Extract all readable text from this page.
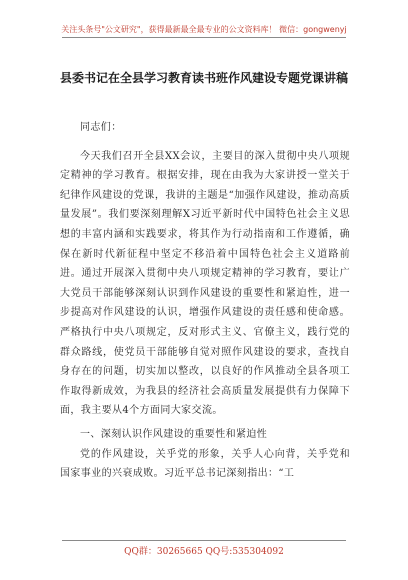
关注头条号"公文研究"，获得最新最全最专业的公文资料库！ 微信：gongwenyj
县委书记在全县学习教育读书班作风建设专题党课讲稿

同志们：

今天我们召开全县XX会议，主要目的深入贯彻中央八项规定精神的学习教育。根据安排，现在由我为大家讲授一堂关于纪律作风建设的党课，我讲的主题是“加强作风建设，推动高质量发展”。我们要深刻理解X习近平新时代中国特色社会主义思想的丰富内涵和实践要求，将其作为行动指南和工作遵循，确保在新时代新征程中坚定不移沿着中国特色社会主义道路前进。通过开展深入贯彻中央八项规定精神的学习教育，要让广大党员干部能够深刻认识到作风建设的重要性和紧迫性，进一步提高对作风建设的认识，增强作风建设的责任感和使命感。严格执行中央八项规定，反对形式主义、官僚主义，践行党的群众路线，使党员干部能够自觉对照作风建设的要求，查找自身存在的问题，切实加以整改，以良好的作风推动全县各项工作取得新成效，为我县的经济社会高质量发展提供有力保障下面，我主要从4个方面同大家交流。

一、深刻认识作风建设的重要性和紧迫性

党的作风建设，关乎党的形象，关乎人心向背，关乎党和国家事业的兴衰成败。习近平总书记深刻指出：“工

QQ群：30265665 QQ号:535304092
